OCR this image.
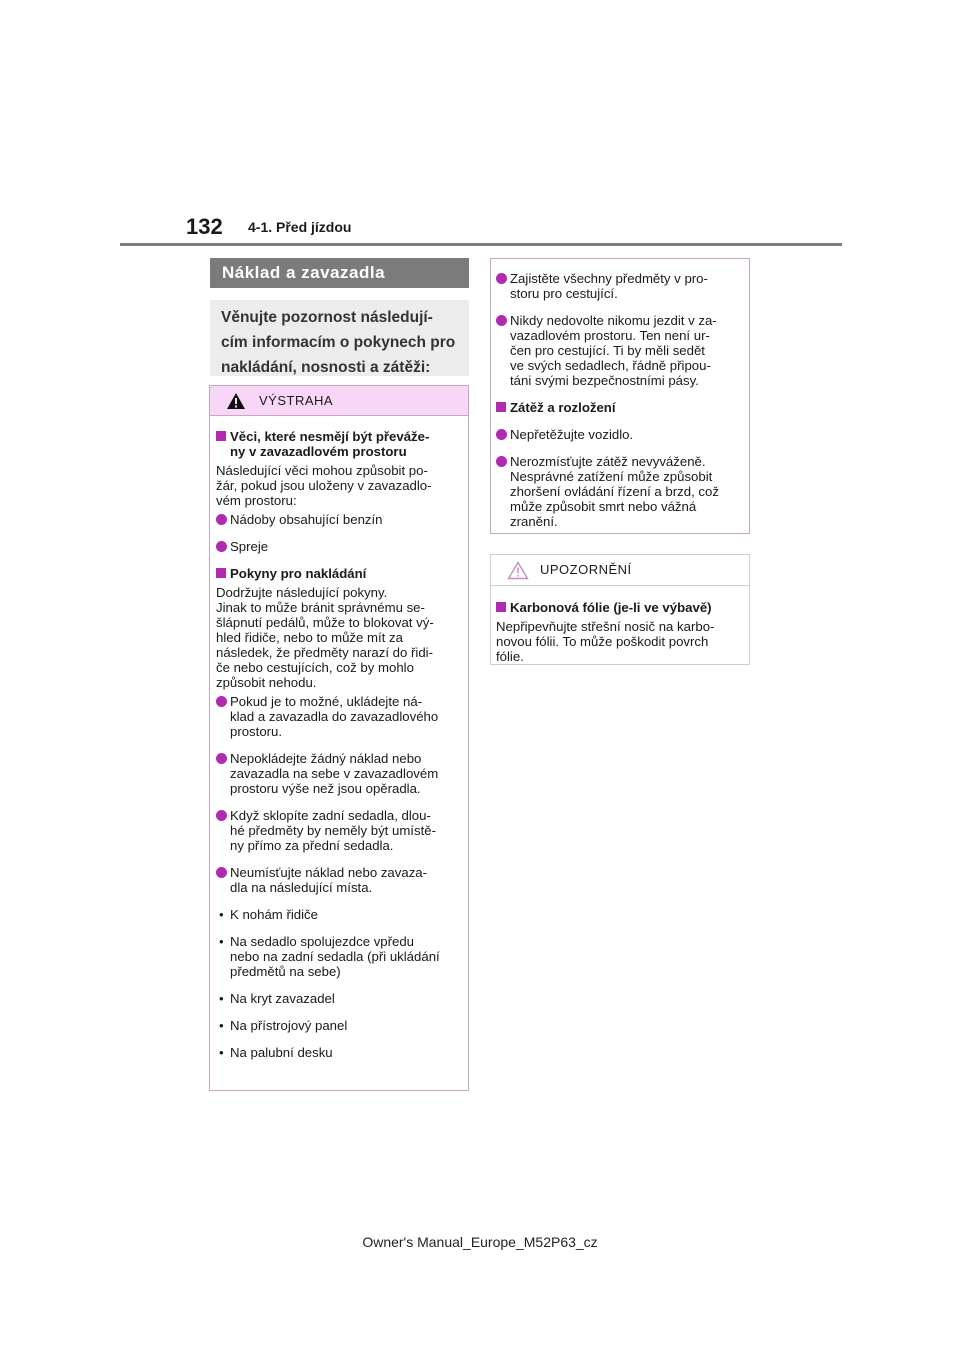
132 4-1. Před jízdou
Náklad a zavazadla
Věnujte pozornost následují-
cím informacím o pokynech pro
nakládání, nosnosti a zátěži:
VÝSTRAHA
Věci, které nesmějí být převáže-
ny v zavazadlovém prostoru
Následující věci mohou způsobit po-
žár, pokud jsou uloženy v zavazadlo-
vém prostoru:
Nádoby obsahující benzín
Spreje
Pokyny pro nakládání
Dodržujte následující pokyny.
Jinak to může bránit správnému se-
šlápnutí pedálů, může to blokovat vý-
hled řidiče, nebo to může mít za
následek, že předměty narazí do řidi-
če nebo cestujících, což by mohlo
způsobit nehodu.
Pokud je to možné, ukládejte ná-
klad a zavazadla do zavazadlového
prostoru.
Nepokládejte žádný náklad nebo
zavazadla na sebe v zavazadlovém
prostoru výše než jsou opěradla.
Když sklopíte zadní sedadla, dlou-
hé předměty by neměly být umístě-
ny přímo za přední sedadla.
Neumísťujte náklad nebo zavaza-
dla na následující místa.
• K nohám řidiče
• Na sedadlo spolujezdce vpředu
nebo na zadní sedadla (při ukládání
předmětů na sebe)
• Na kryt zavazadel
• Na přístrojový panel
• Na palubní desku
Zajistěte všechny předměty v pro-
storu pro cestující.
Nikdy nedovolte nikomu jezdit v za-
vazadlovém prostoru. Ten není ur-
čen pro cestující. Ti by měli sedět
ve svých sedadlech, řádně připou-
táni svými bezpečnostními pásy.
Zátěž a rozložení
Nepřetěžujte vozidlo.
Nerozmísťujte zátěž nevyváženě.
Nesprávné zatížení může způsobit
zhoršení ovládání řízení a brzd, což
může způsobit smrt nebo vážná
zranění.
UPOZORNĚNÍ
Karbonová fólie (je-li ve výbavě)
Nepřipevňujte střešní nosič na karbo-
novou fólii. To může poškodit povrch
fólie.
Owner's Manual_Europe_M52P63_cz
